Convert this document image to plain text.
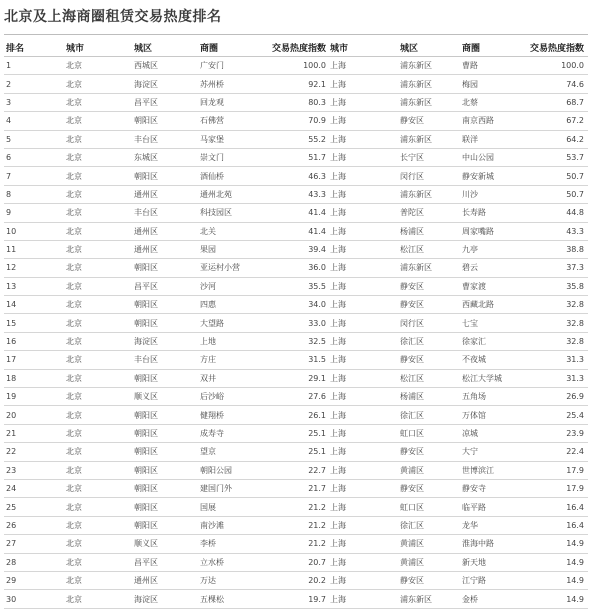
北京及上海商圈租赁交易热度排名
排名	城市	城区	商圈	交易热度指数	城市	城区	商圈	交易热度指数
1	北京	西城区	广安门	100.0	上海	浦东新区	曹路	100.0
2	北京	海淀区	苏州桥	92.1	上海	浦东新区	梅园	74.6
3	北京	昌平区	回龙观	80.3	上海	浦东新区	北蔡	68.7
4	北京	朝阳区	石佛营	70.9	上海	静安区	南京西路	67.2
5	北京	丰台区	马家堡	55.2	上海	浦东新区	联洋	64.2
6	北京	东城区	崇文门	51.7	上海	长宁区	中山公园	53.7
7	北京	朝阳区	酒仙桥	46.3	上海	闵行区	静安新城	50.7
8	北京	通州区	通州北苑	43.3	上海	浦东新区	川沙	50.7
9	北京	丰台区	科技园区	41.4	上海	普陀区	长寿路	44.8
10	北京	通州区	北关	41.4	上海	杨浦区	周家嘴路	43.3
11	北京	通州区	果园	39.4	上海	松江区	九亭	38.8
12	北京	朝阳区	亚运村小营	36.0	上海	浦东新区	碧云	37.3
13	北京	昌平区	沙河	35.5	上海	静安区	曹家渡	35.8
14	北京	朝阳区	四惠	34.0	上海	静安区	西藏北路	32.8
15	北京	朝阳区	大望路	33.0	上海	闵行区	七宝	32.8
16	北京	海淀区	上地	32.5	上海	徐汇区	徐家汇	32.8
17	北京	丰台区	方庄	31.5	上海	静安区	不夜城	31.3
18	北京	朝阳区	双井	29.1	上海	松江区	松江大学城	31.3
19	北京	顺义区	后沙峪	27.6	上海	杨浦区	五角场	26.9
20	北京	朝阳区	健翔桥	26.1	上海	徐汇区	万体馆	25.4
21	北京	朝阳区	成寿寺	25.1	上海	虹口区	凉城	23.9
22	北京	朝阳区	望京	25.1	上海	静安区	大宁	22.4
23	北京	朝阳区	朝阳公园	22.7	上海	黄浦区	世博滨江	17.9
24	北京	朝阳区	建国门外	21.7	上海	静安区	静安寺	17.9
25	北京	朝阳区	国展	21.2	上海	虹口区	临平路	16.4
26	北京	朝阳区	南沙滩	21.2	上海	徐汇区	龙华	16.4
27	北京	顺义区	李桥	21.2	上海	黄浦区	淮海中路	14.9
28	北京	昌平区	立水桥	20.7	上海	黄浦区	新天地	14.9
29	北京	通州区	万达	20.2	上海	静安区	江宁路	14.9
30	北京	海淀区	五棵松	19.7	上海	浦东新区	金桥	14.9
